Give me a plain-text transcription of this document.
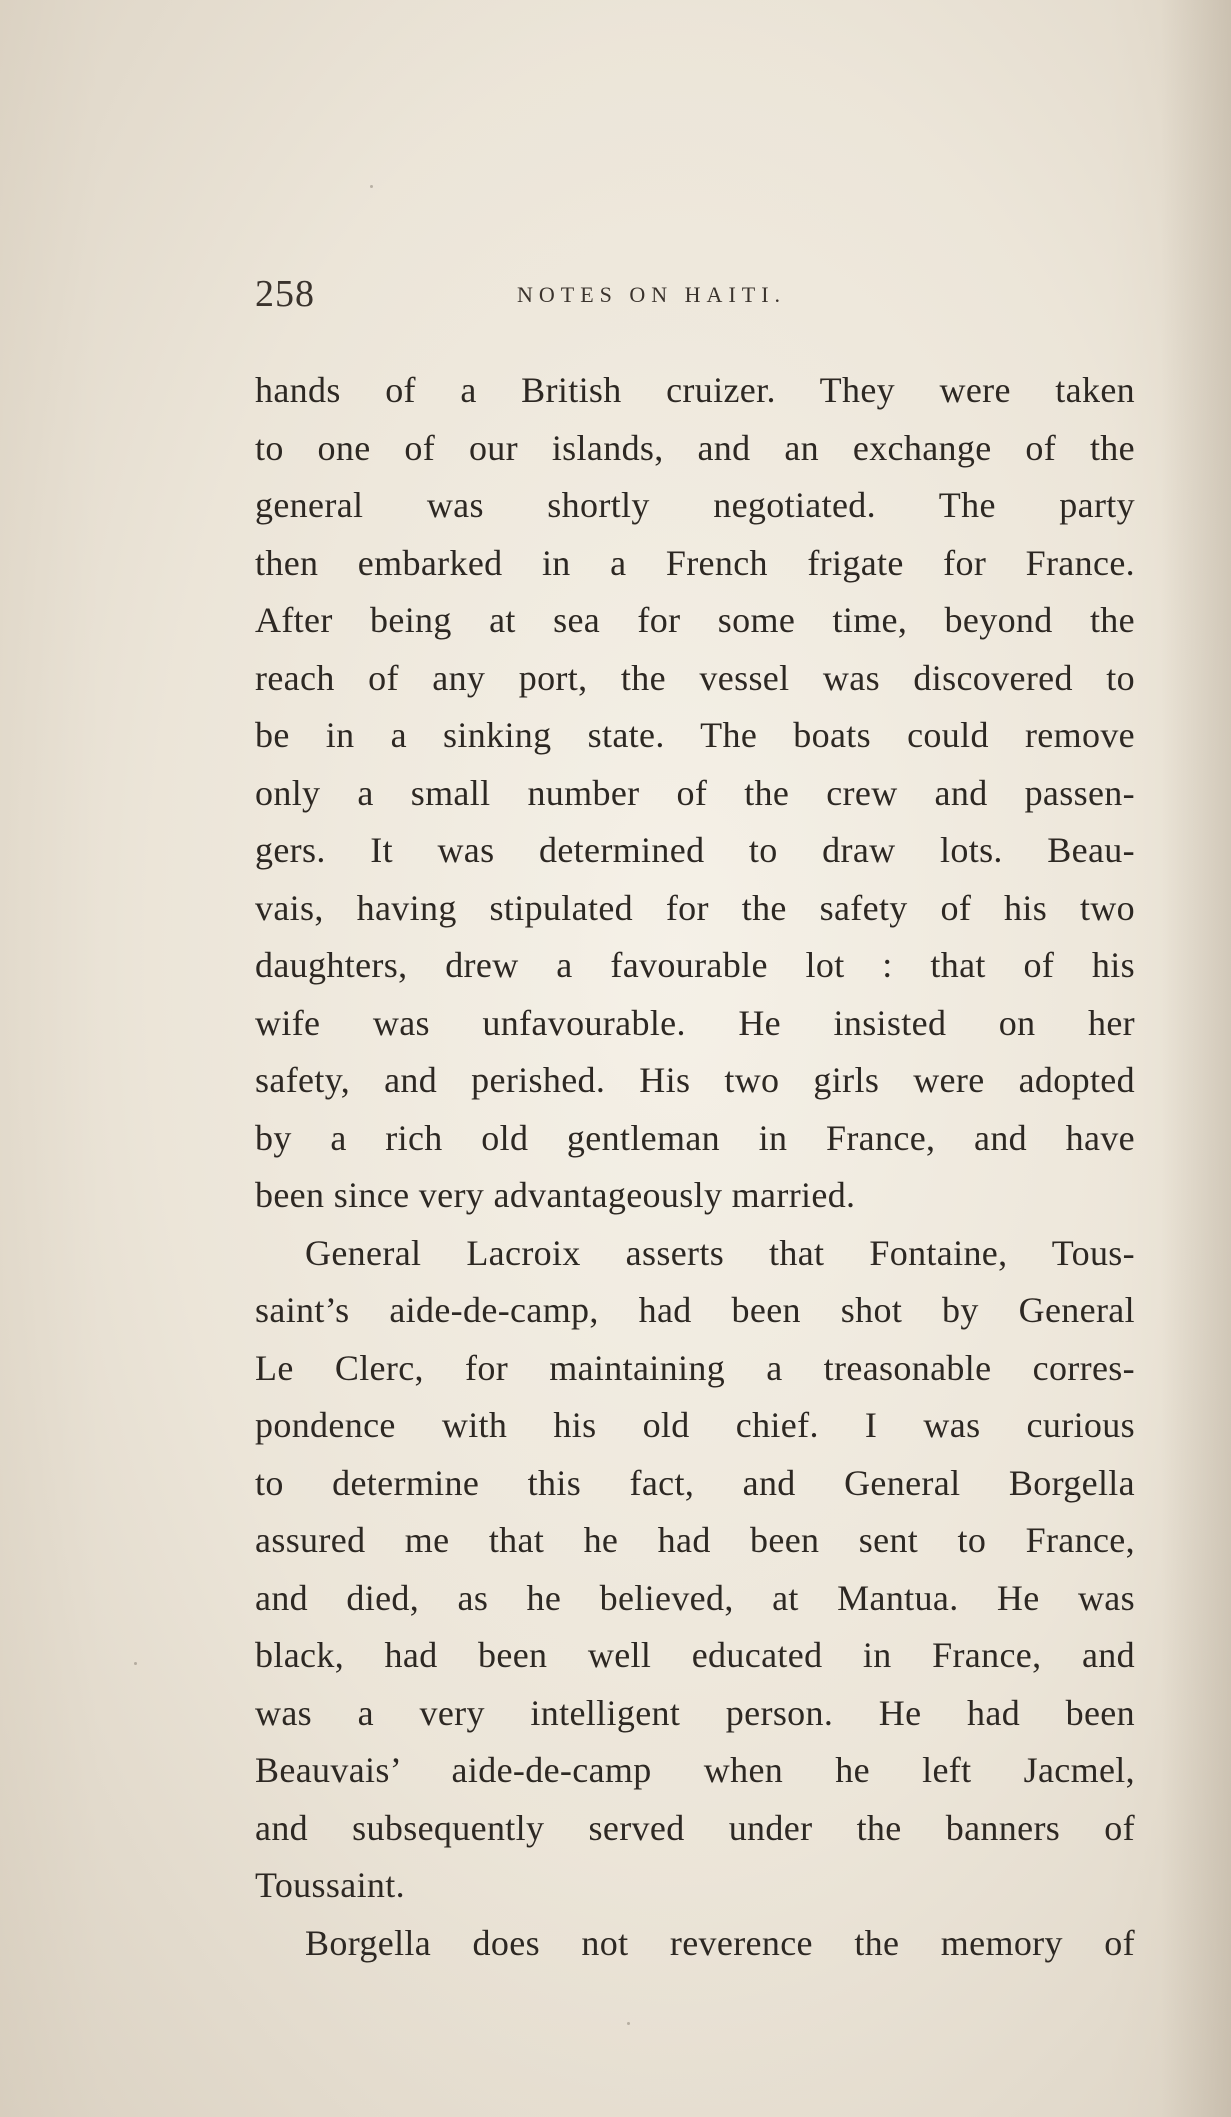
258	NOTES ON HAITI.
hands of a British cruizer. They were taken
to one of our islands, and an exchange of the
general was shortly negotiated. The party
then embarked in a French frigate for France.
After being at sea for some time, beyond the
reach of any port, the vessel was discovered to
be in a sinking state. The boats could remove
only a small number of the crew and passen-
gers. It was determined to draw lots. Beau-
vais, having stipulated for the safety of his two
daughters, drew a favourable lot : that of his
wife was unfavourable. He insisted on her
safety, and perished. His two girls were adopted
by a rich old gentleman in France, and have
been since very advantageously married.
General Lacroix asserts that Fontaine, Tous-
saint’s aide-de-camp, had been shot by General
Le Clerc, for maintaining a treasonable corres-
pondence with his old chief. I was curious
to determine this fact, and General Borgella
assured me that he had been sent to France,
and died, as he believed, at Mantua. He was
black, had been well educated in France, and
was a very intelligent person. He had been
Beauvais’ aide-de-camp when he left Jacmel,
and subsequently served under the banners of
Toussaint.
Borgella does not reverence the memory of
